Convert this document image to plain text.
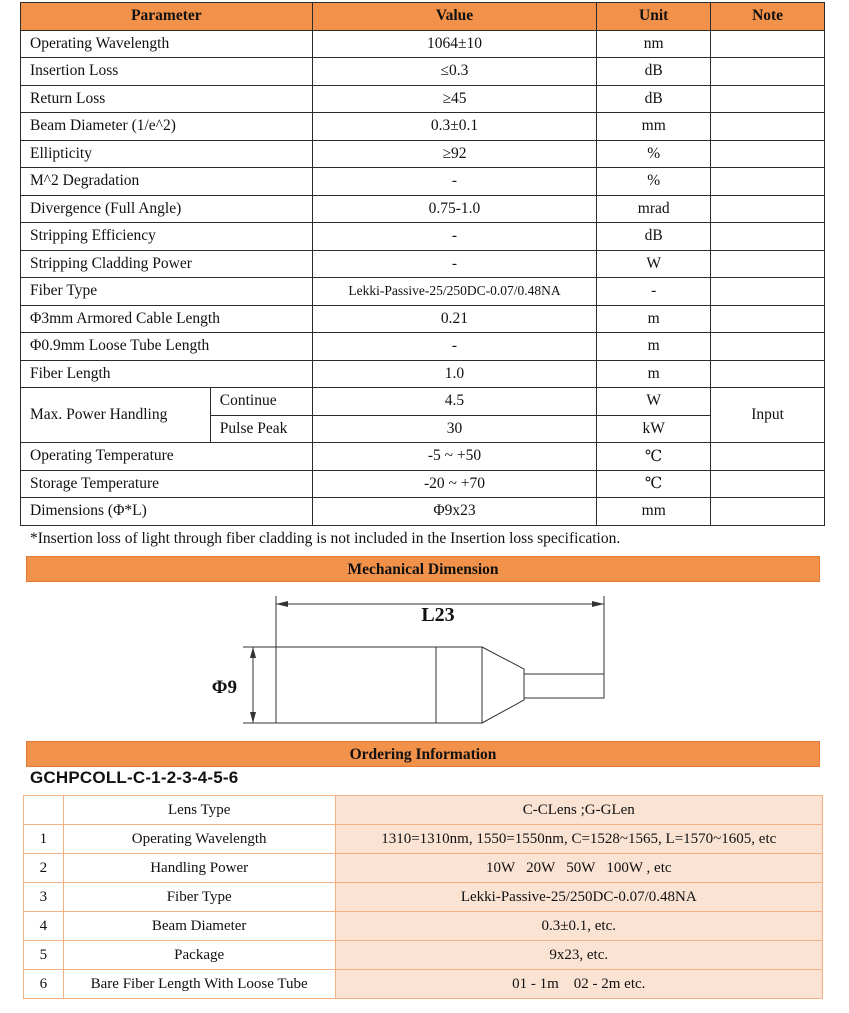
Parameter		Value	Unit	Note
Operating Wavelength		1064±10	nm	
Insertion Loss		≤0.3	dB	
Return Loss		≥45	dB	
Beam Diameter (1/e^2)		0.3±0.1	mm	
Ellipticity		≥92	%	
M^2 Degradation		-	%	
Divergence (Full Angle)		0.75-1.0	mrad	
Stripping Efficiency		-	dB	
Stripping Cladding Power		-	W	
Fiber Type		Lekki-Passive-25/250DC-0.07/0.48NA	-	
Φ3mm Armored Cable Length		0.21	m	
Φ0.9mm Loose Tube Length		-	m	
Fiber Length		1.0	m	
Max. Power Handling	Continue	4.5	W	Input
	Pulse Peak	30	kW	
Operating Temperature		-5 ~ +50	℃	
Storage Temperature		-20 ~ +70	℃	
Dimensions (Φ*L)		Φ9x23	mm	
*Insertion loss of light through fiber cladding is not included in the Insertion loss specification.
Mechanical Dimension
L23
Φ9
Ordering Information
GCHPCOLL-C-1-2-3-4-5-6
	Lens Type	C-CLens ;G-GLen
1	Operating Wavelength	1310=1310nm, 1550=1550nm, C=1528~1565, L=1570~1605, etc
2	Handling Power	10W   20W   50W   100W , etc
3	Fiber Type	Lekki-Passive-25/250DC-0.07/0.48NA
4	Beam Diameter	0.3±0.1, etc.
5	Package	9x23, etc.
6	Bare Fiber Length With Loose Tube	01 - 1m    02 - 2m etc.
